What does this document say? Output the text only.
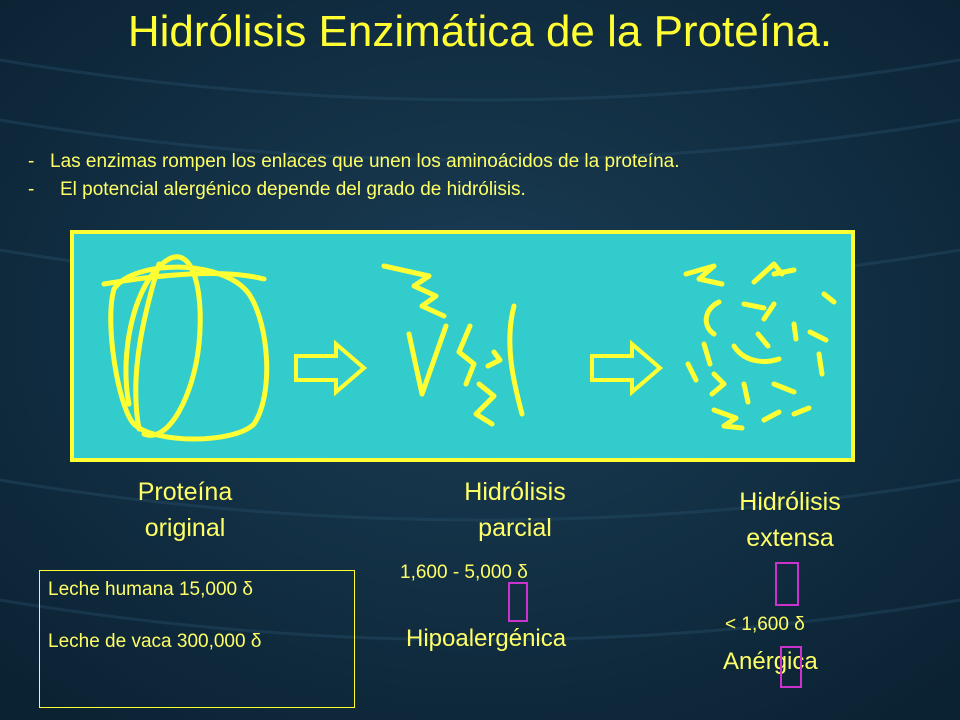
Hidrólisis Enzimática de la Proteína.
- Las enzimas rompen los enlaces que unen los aminoácidos de la proteína.
- El potencial alergénico depende del grado de hidrólisis.
Proteína
original
Hidrólisis
parcial
Hidrólisis
extensa
Leche humana 15,000 δ
Leche de vaca 300,000 δ
1,600 - 5,000 δ
Hipoalergénica
< 1,600 δ
Anérgica
